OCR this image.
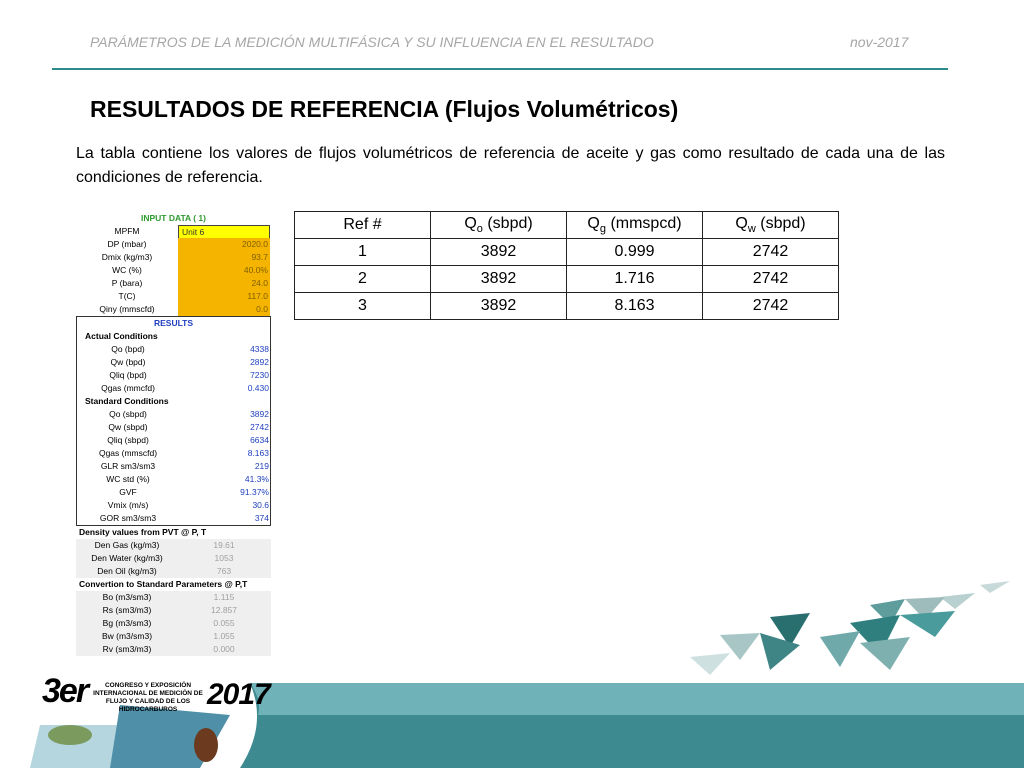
PARÁMETROS DE LA MEDICIÓN MULTIFÁSICA Y SU INFLUENCIA EN EL RESULTADO	nov-2017
RESULTADOS DE REFERENCIA (Flujos Volumétricos)
La tabla contiene los valores de flujos volumétricos de referencia de aceite y gas como resultado de cada una de las condiciones de referencia.
INPUT DATA ( 1)
MPFM	Unit 6
DP (mbar)	2020.0
Dmix (kg/m3)	93.7
WC (%)	40.0%
P (bara)	24.0
T(C)	117.0
Qiny (mmscfd)	0.0
RESULTS
Actual Conditions
Qo (bpd)	4338
Qw (bpd)	2892
Qliq (bpd)	7230
Qgas (mmcfd)	0.430
Standard Conditions
Qo (sbpd)	3892
Qw (sbpd)	2742
Qliq (sbpd)	6634
Qgas (mmscfd)	8.163
GLR sm3/sm3	219
WC std (%)	41.3%
GVF	91.37%
Vmix (m/s)	30.6
GOR sm3/sm3	374
Density values from PVT @ P, T
Den Gas (kg/m3)	19.61
Den Water (kg/m3)	1053
Den Oil (kg/m3)	763
Convertion to Standard Parameters @ P,T
Bo (m3/sm3)	1.115
Rs (sm3/m3)	12.857
Bg (m3/sm3)	0.055
Bw (m3/sm3)	1.055
Rv (sm3/m3)	0.000
Ref #	$Q_o$ (sbpd)	$Q_g$ (mmspcd)	$Q_w$ (sbpd)
1	3892	0.999	2742
2	3892	1.716	2742
3	3892	8.163	2742
3er	CONGRESO Y EXPOSICIÓN INTERNACIONAL DE MEDICIÓN DE FLUJO Y CALIDAD DE LOS HIDROCARBUROS 2017
